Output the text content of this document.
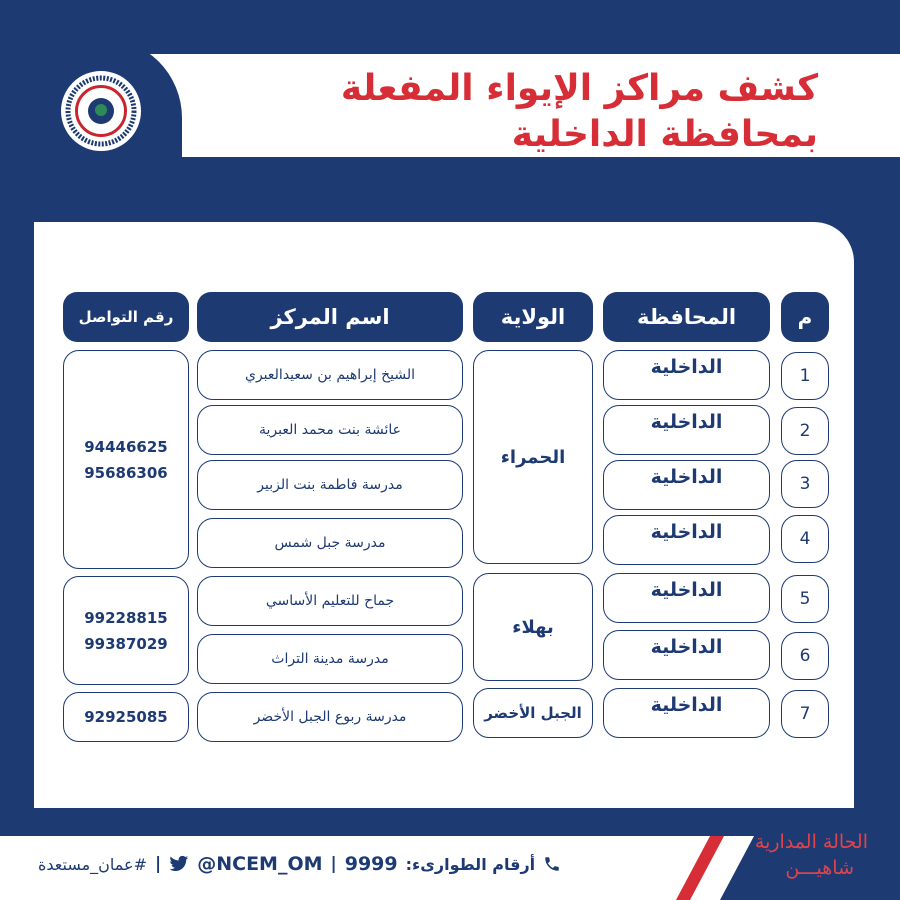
كشف مراكز الإيواء المفعلة
بمحافظة الداخلية
م
المحافظة
الولاية
اسم المركز
رقم التواصل
1
الداخلية
الشيخ إبراهيم بن سعيدالعبري
2
الداخلية
عائشة بنت محمد العبرية
3
الداخلية
مدرسة فاطمة بنت الزبير
4
الداخلية
مدرسة جبل شمس
5
الداخلية
جماح للتعليم الأساسي
6
الداخلية
مدرسة مدينة التراث
7
الداخلية
مدرسة ربوع الجبل الأخضر
الحمراء
بهلاء
الجبل الأخضر
94446625
95686306
99228815
99387029
92925085
أرقام الطوارىء:
9999
|
@NCEM_OM
|
#عمان_مستعدة
الحالة المدارية
شاهيـــن
